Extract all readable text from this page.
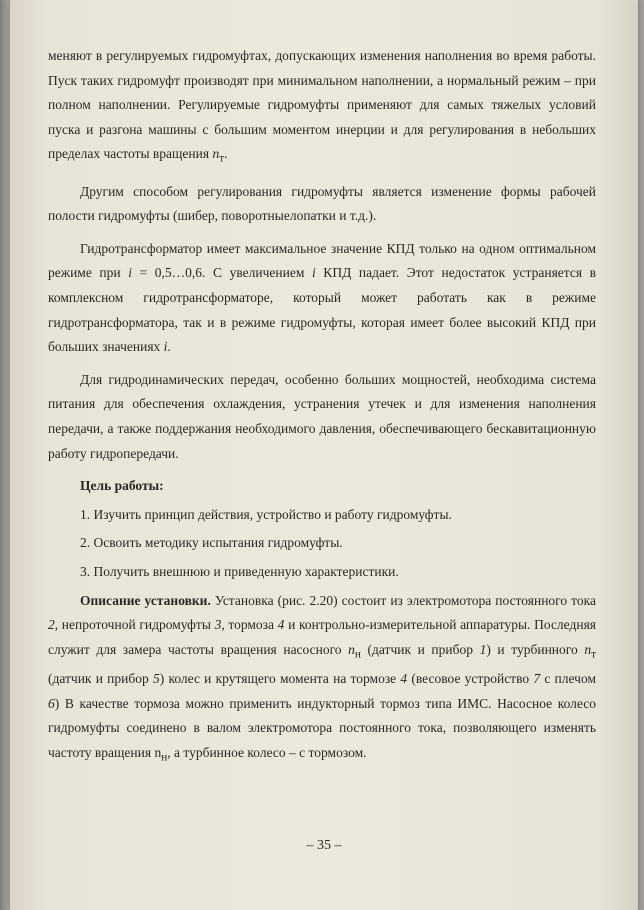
меняют в регулируемых гидромуфтах, допускающих изменения наполнения во время работы. Пуск таких гидромуфт производят при минимальном наполнении, а нормальный режим – при полном наполнении. Регулируемые гидромуфты применяют для самых тяжелых условий пуска и разгона машины с большим моментом инерции и для регулирования в небольших пределах частоты вращения $n_т$.

Другим способом регулирования гидромуфты является изменение формы рабочей полости гидромуфты (шибер, поворотныелопатки и т.д.).

Гидротрансформатор имеет максимальное значение КПД только на одном оптимальном режиме при i = 0,5…0,6. С увеличением i КПД падает. Этот недостаток устраняется в комплексном гидротрансформаторе, который может работать как в режиме гидротрансформатора, так и в режиме гидромуфты, которая имеет более высокий КПД при больших значениях i.

Для гидродинамических передач, особенно больших мощностей, необходима система питания для обеспечения охлаждения, устранения утечек и для изменения наполнения передачи, а также поддержания необходимого давления, обеспечивающего бескавитационную работу гидропередачи.

Цель работы:

1. Изучить принцип действия, устройство и работу гидромуфты.

2. Освоить методику испытания гидромуфты.

3. Получить внешнюю и приведенную характеристики.

Описание установки. Установка (рис. 2.20) состоит из электромотора постоянного тока 2, непроточной гидромуфты 3, тормоза 4 и контрольно-измерительной аппаратуры. Последняя служит для замера частоты вращения насосного $n_н$ (датчик и прибор 1) и турбинного $n_т$ (датчик и прибор 5) колес и крутящего момента на тормозе 4 (весовое устройство 7 с плечом 6) В качестве тормоза можно применить индукторный тормоз типа ИМС. Насосное колесо гидромуфты соединено в валом электромотора постоянного тока, позволяющего изменять частоту вращения $n_н$, а турбинное колесо – с тормозом.

– 35 –
